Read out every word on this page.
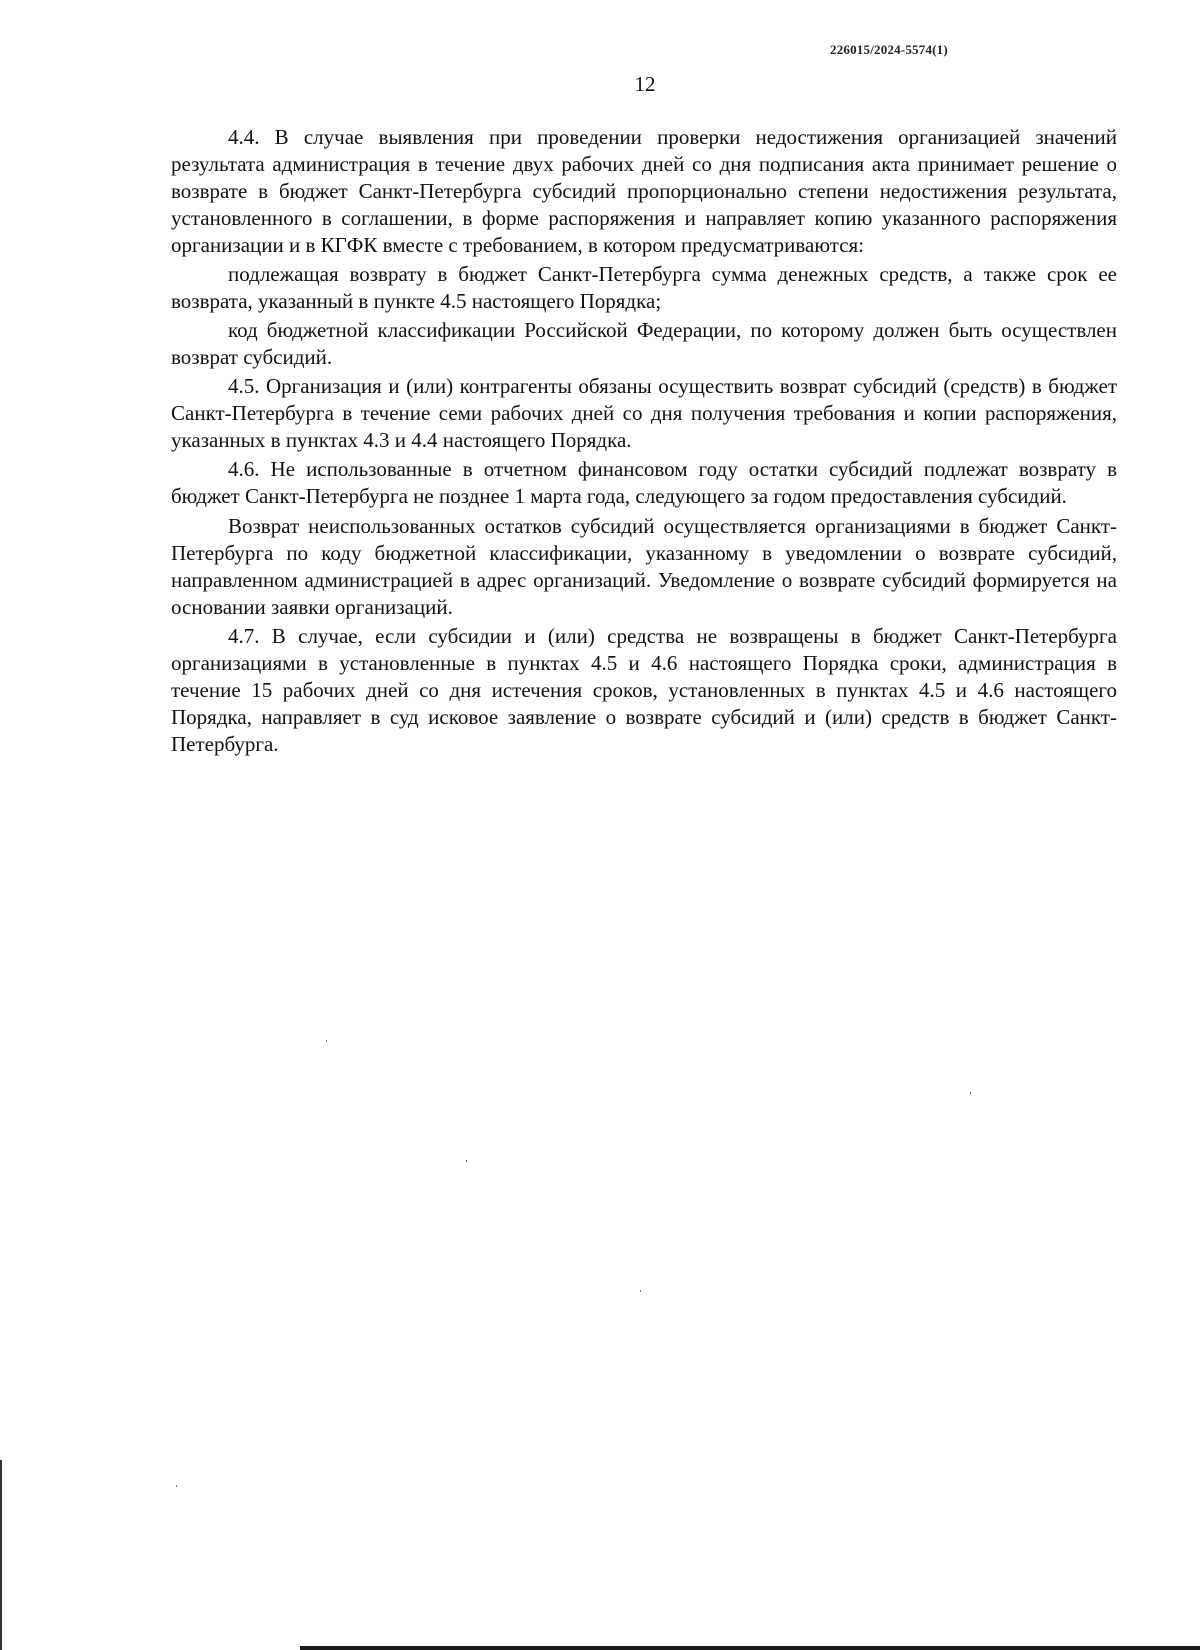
226015/2024-5574(1)
12

4.4. В случае выявления при проведении проверки недостижения организацией значений результата администрация в течение двух рабочих дней со дня подписания акта принимает решение о возврате в бюджет Санкт-Петербурга субсидий пропорционально степени недостижения результата, установленного в соглашении, в форме распоряжения и направляет копию указанного распоряжения организации и в КГФК вместе с требованием, в котором предусматриваются:

подлежащая возврату в бюджет Санкт-Петербурга сумма денежных средств, а также срок ее возврата, указанный в пункте 4.5 настоящего Порядка;

код бюджетной классификации Российской Федерации, по которому должен быть осуществлен возврат субсидий.

4.5. Организация и (или) контрагенты обязаны осуществить возврат субсидий (средств) в бюджет Санкт-Петербурга в течение семи рабочих дней со дня получения требования и копии распоряжения, указанных в пунктах 4.3 и 4.4 настоящего Порядка.

4.6. Не использованные в отчетном финансовом году остатки субсидий подлежат возврату в бюджет Санкт-Петербурга не позднее 1 марта года, следующего за годом предоставления субсидий.

Возврат неиспользованных остатков субсидий осуществляется организациями в бюджет Санкт-Петербурга по коду бюджетной классификации, указанному в уведомлении о возврате субсидий, направленном администрацией в адрес организаций. Уведомление о возврате субсидий формируется на основании заявки организаций.

4.7. В случае, если субсидии и (или) средства не возвращены в бюджет Санкт-Петербурга организациями в установленные в пунктах 4.5 и 4.6 настоящего Порядка сроки, администрация в течение 15 рабочих дней со дня истечения сроков, установленных в пунктах 4.5 и 4.6 настоящего Порядка, направляет в суд исковое заявление о возврате субсидий и (или) средств в бюджет Санкт-Петербурга.
